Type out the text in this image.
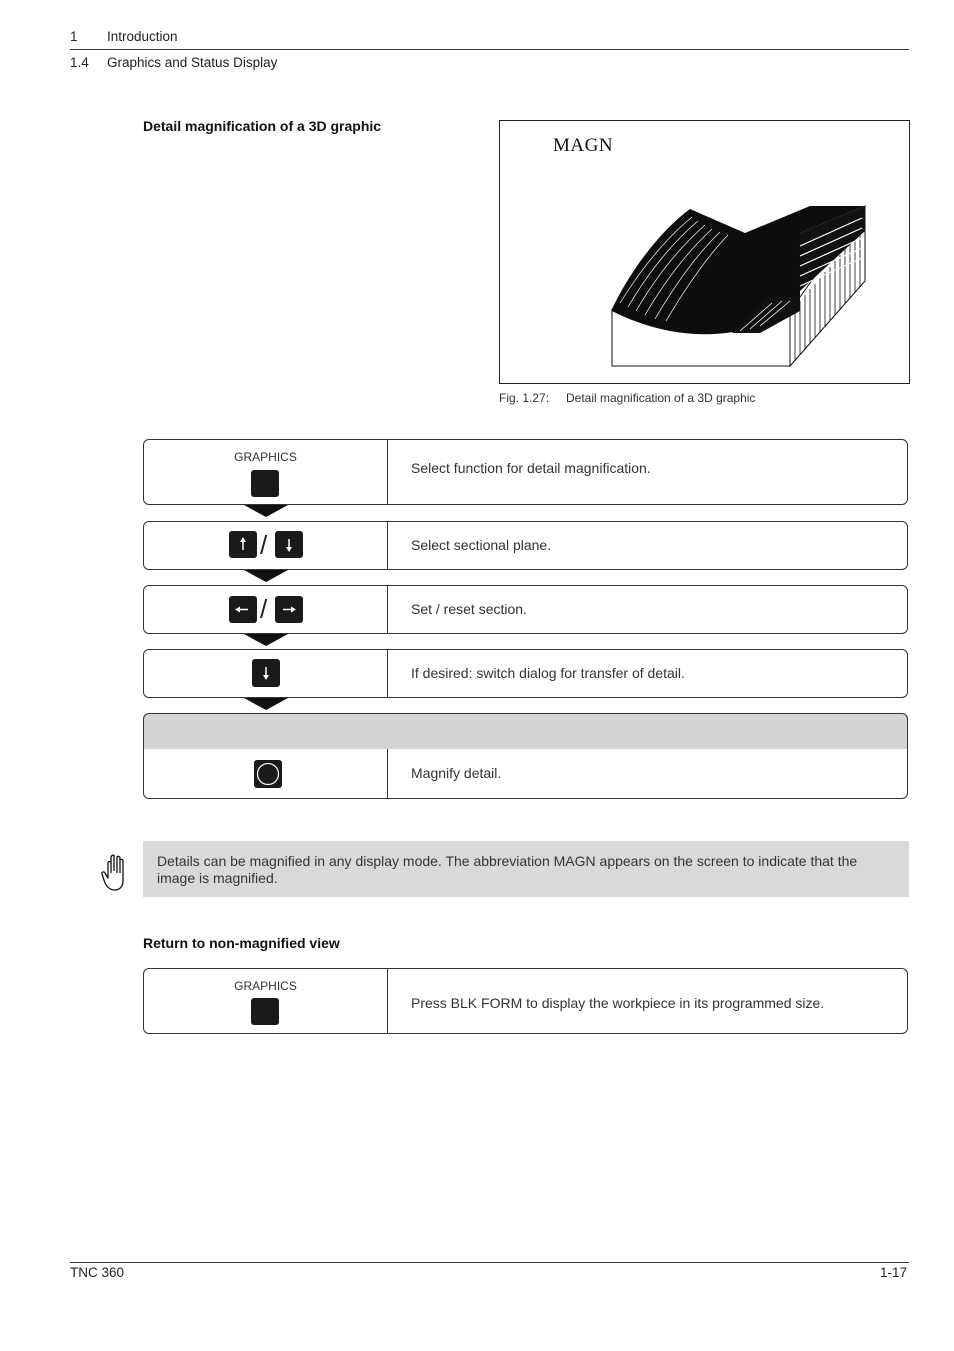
1 Introduction
1.4 Graphics and Status Display
Detail magnification of a 3D graphic
MAGN
Fig. 1.27: Detail magnification of a 3D graphic
GRAPHICS
Select function for detail magnification.
/	Select sectional plane.
/	Set / reset section.
If desired: switch dialog for transfer of detail.
Magnify detail.
Details can be magnified in any display mode. The abbreviation MAGN appears on the screen to indicate that the image is magnified.
Return to non-magnified view
GRAPHICS
Press BLK FORM to display the workpiece in its programmed size.
TNC 360	1-17
